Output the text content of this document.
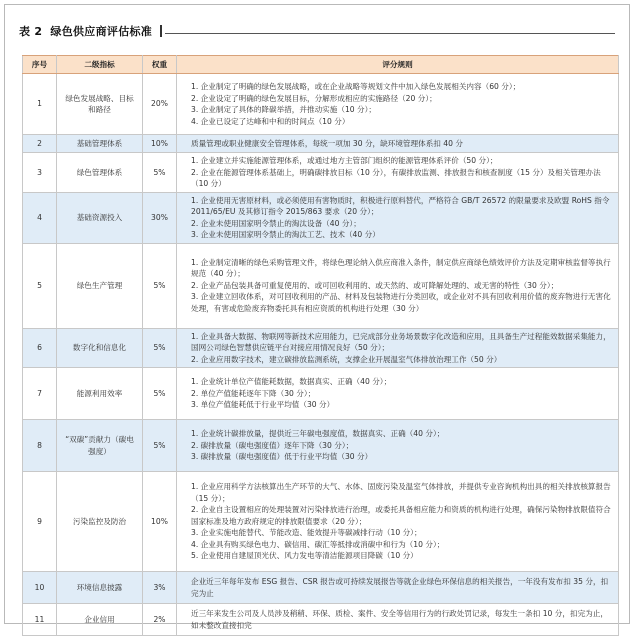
表 2 绿色供应商评估标准
序号	二级指标	权重	评分规则
1	绿色发展战略、目标和路径	20%	1. 企业制定了明确的绿色发展战略，或在企业战略等规划文件中加入绿色发展相关内容（60 分）；
2. 企业设定了明确的绿色发展目标，分解形成相应的实施路径（20 分）；
3. 企业制定了具体的降碳举措，并推动实施（10 分）；
4. 企业已设定了达峰和中和的时间点（10 分）

2	基础管理体系	10%	质量管理或职业健康安全管理体系，每统一项加 30 分，缺环境管理体系扣 40 分

3	绿色管理体系	5%	1. 企业建立并实施能源管理体系，或通过地方主管部门组织的能源管理体系评价（50 分）；
2. 企业在能源管理体系基础上，明确碳排放目标（10 分），有碳排放监测、排放报告和核查制度（15 分）及相关管理办法（10 分）

4	基础资源投入	30%	1. 企业使用无害原材料，或必须使用有害物质时，积极进行原料替代，严格符合 GB/T 26572 的限量要求及欧盟 RoHS 指令 2011/65/EU 及其修订指令 2015/863 要求（20 分）；
2. 企业未使用国家明令禁止的淘汰设备（40 分）；
3. 企业未使用国家明令禁止的淘汰工艺、技术（40 分）

5	绿色生产管理	5%	1. 企业制定清晰的绿色采购管理文件，将绿色理论纳入供应商准入条件，制定供应商绿色绩效评价方法及定期审核监督等执行规范（40 分）；
2. 企业产品包装具备可重复使用的、或可回收利用的、或天然的、或可降解处理的、或无害的特性（30 分）；
3. 企业建立回收体系，对可回收利用的产品、材料及包装物进行分类回收，或企业对不具有回收利用价值的废弃物进行无害化处理，有害或危险废弃物委托具有相应资质的机构进行处理（30 分）

6	数字化和信息化	5%	1. 企业具备大数据、物联网等新技术应用能力，已完成部分业务场景数字化改造和应用，且具备生产过程能效数据采集能力，国网公司绿色智慧供应链平台对接应用情况良好（50 分）；
2. 企业应用数字技术，建立碳排放监测系统，支撑企业开展温室气体排放治理工作（50 分）

7	能源利用效率	5%	1. 企业统计单位产值能耗数据，数据真实、正确（40 分）；
2. 单位产值能耗逐年下降（30 分）；
3. 单位产值能耗低于行业平均值（30 分）

8	“双碳”贡献力（碳电强度）	5%	1. 企业统计碳排放量，提供近三年碳电强度值，数据真实、正确（40 分）；
2. 碳排放量（碳电强度值）逐年下降（30 分）；
3. 碳排放量（碳电强度值）低于行业平均值（30 分）

9	污染监控及防治	10%	1. 企业应用科学方法核算出生产环节的大气、水体、固废污染及温室气体排放，并提供专业咨询机构出具的相关排放核算报告（15 分）；
2. 企业自主设置相应的处理装置对污染排放进行治理，或委托具备相应能力和资质的机构进行处理，确保污染物排放限值符合国家标准及地方政府规定的排放限值要求（20 分）；
3. 企业实施电能替代、节能改造、能效提升等碳减排行动（10 分）；
4. 企业具有购买绿色电力、碳信用、碳汇等抵排或消碳中和行为（10 分）；
5. 企业使用自建屋顶光伏、风力发电等清洁能源项目降碳（10 分）

10	环境信息披露	3%	企业近三年每年发布 ESG 报告、CSR 报告或可持续发展报告等就企业绿色环保信息的相关报告，一年没有发布扣 35 分，扣完为止

11	企业信用	2%	近三年来发生公司及人员涉及稍稍、环保、质检、案件、安全等信用行为的行政处罚记录，每发生一条扣 10 分，扣完为止，如未整改直接扣完
